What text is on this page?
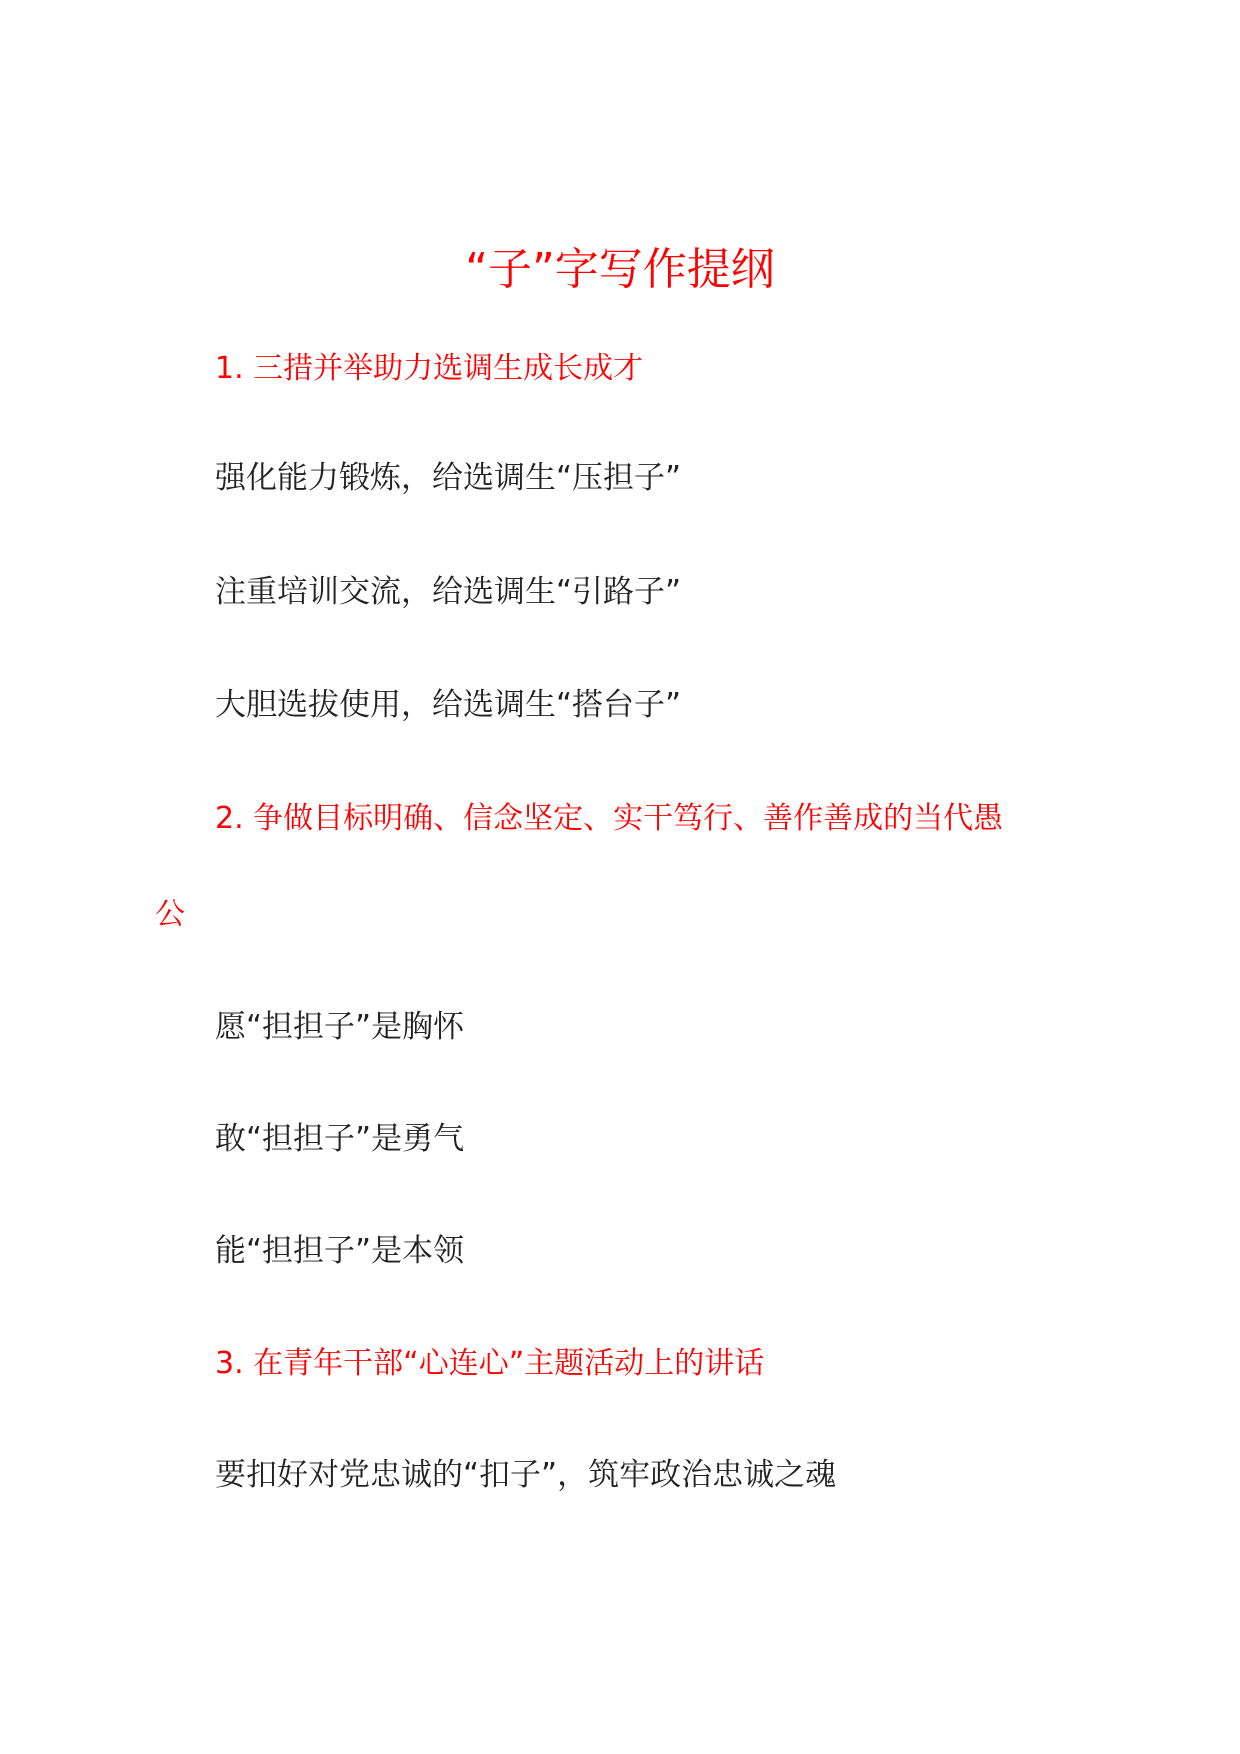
“子”字写作提纲
1. 三措并举助力选调生成长成才
强化能力锻炼，给选调生“压担子”
注重培训交流，给选调生“引路子”
大胆选拔使用，给选调生“搭台子”
2. 争做目标明确、信念坚定、实干笃行、善作善成的当代愚
公
愿“担担子”是胸怀
敢“担担子”是勇气
能“担担子”是本领
3. 在青年干部“心连心”主题活动上的讲话
要扣好对党忠诚的“扣子”，筑牢政治忠诚之魂
